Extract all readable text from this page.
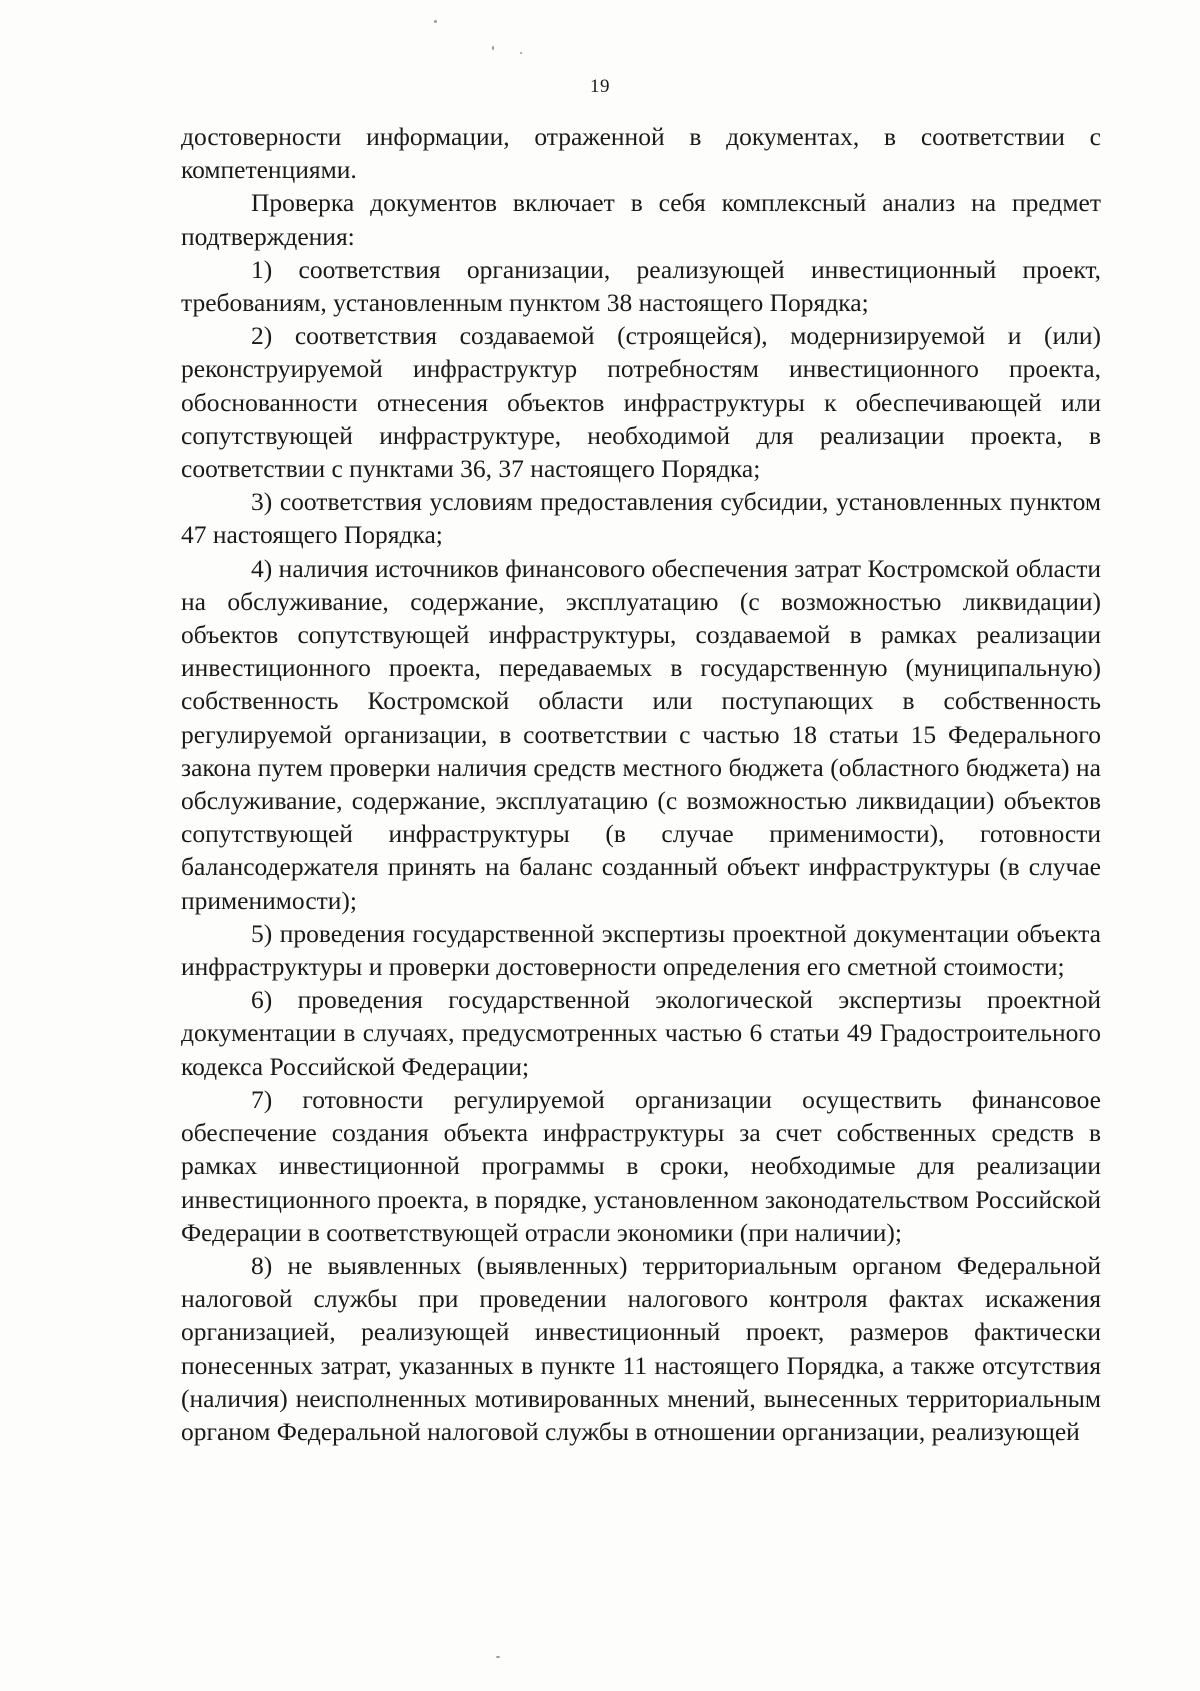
19

достоверности информации, отраженной в документах, в соответствии с компетенциями.

Проверка документов включает в себя комплексный анализ на предмет подтверждения:

1) соответствия организации, реализующей инвестиционный проект, требованиям, установленным пунктом 38 настоящего Порядка;

2) соответствия создаваемой (строящейся), модернизируемой и (или) реконструируемой инфраструктур потребностям инвестиционного проекта, обоснованности отнесения объектов инфраструктуры к обеспечивающей или сопутствующей инфраструктуре, необходимой для реализации проекта, в соответствии с пунктами 36, 37 настоящего Порядка;

3) соответствия условиям предоставления субсидии, установленных пунктом 47 настоящего Порядка;

4) наличия источников финансового обеспечения затрат Костромской области на обслуживание, содержание, эксплуатацию (с возможностью ликвидации) объектов сопутствующей инфраструктуры, создаваемой в рамках реализации инвестиционного проекта, передаваемых в государственную (муниципальную) собственность Костромской области или поступающих в собственность регулируемой организации, в соответствии с частью 18 статьи 15 Федерального закона путем проверки наличия средств местного бюджета (областного бюджета) на обслуживание, содержание, эксплуатацию (с возможностью ликвидации) объектов сопутствующей инфраструктуры (в случае применимости), готовности балансодержателя принять на баланс созданный объект инфраструктуры (в случае применимости);

5) проведения государственной экспертизы проектной документации объекта инфраструктуры и проверки достоверности определения его сметной стоимости;

6) проведения государственной экологической экспертизы проектной документации в случаях, предусмотренных частью 6 статьи 49 Градостроительного кодекса Российской Федерации;

7) готовности регулируемой организации осуществить финансовое обеспечение создания объекта инфраструктуры за счет собственных средств в рамках инвестиционной программы в сроки, необходимые для реализации инвестиционного проекта, в порядке, установленном законодательством Российской Федерации в соответствующей отрасли экономики (при наличии);

8) не выявленных (выявленных) территориальным органом Федеральной налоговой службы при проведении налогового контроля фактах искажения организацией, реализующей инвестиционный проект, размеров фактически понесенных затрат, указанных в пункте 11 настоящего Порядка, а также отсутствия (наличия) неисполненных мотивированных мнений, вынесенных территориальным органом Федеральной налоговой службы в отношении организации, реализующей
